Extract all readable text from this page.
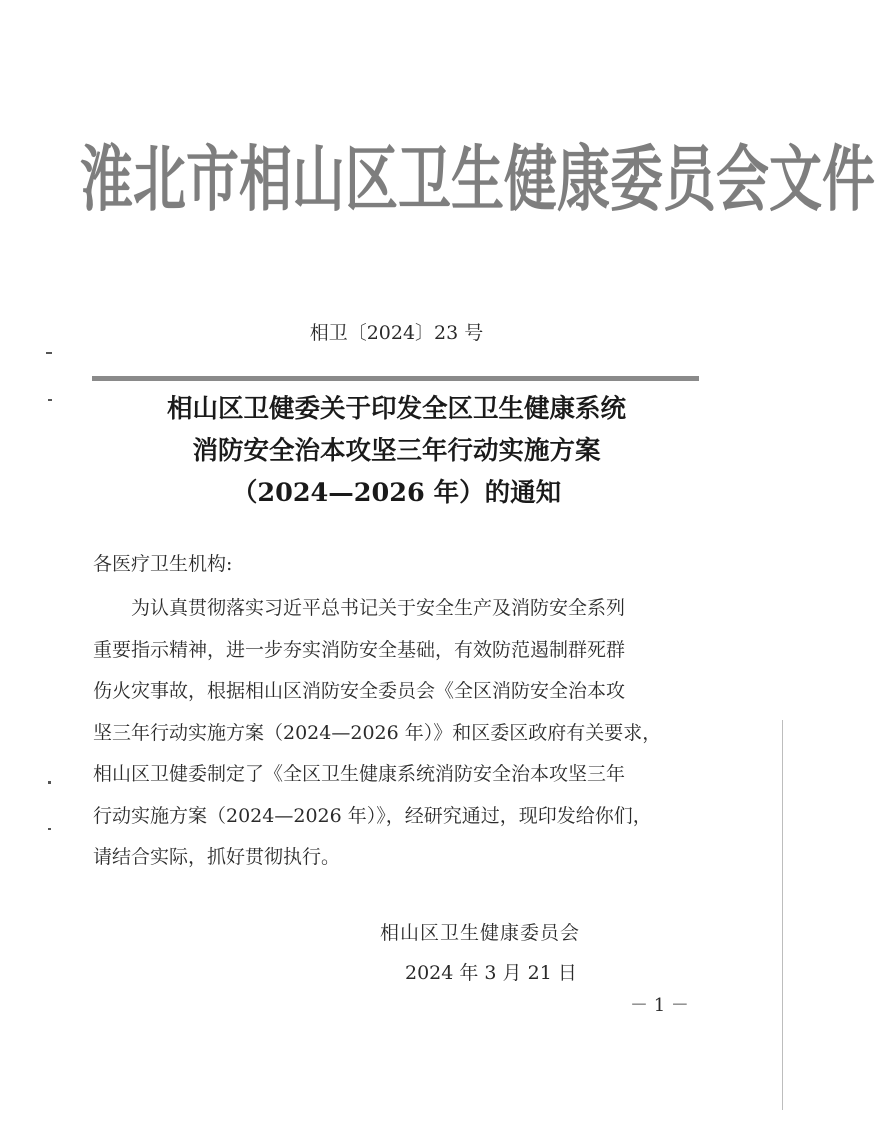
淮北市相山区卫生健康委员会文件
相卫〔2024〕23 号
相山区卫健委关于印发全区卫生健康系统
消防安全治本攻坚三年行动实施方案
（2024—2026 年）的通知
各医疗卫生机构:
　　为认真贯彻落实习近平总书记关于安全生产及消防安全系列
重要指示精神，进一步夯实消防安全基础，有效防范遏制群死群
伤火灾事故，根据相山区消防安全委员会《全区消防安全治本攻
坚三年行动实施方案（2024—2026 年）》和区委区政府有关要求，
相山区卫健委制定了《全区卫生健康系统消防安全治本攻坚三年
行动实施方案（2024—2026 年）》，经研究通过，现印发给你们，
请结合实际，抓好贯彻执行。
相山区卫生健康委员会
2024 年 3 月 21 日
－ 1 －
